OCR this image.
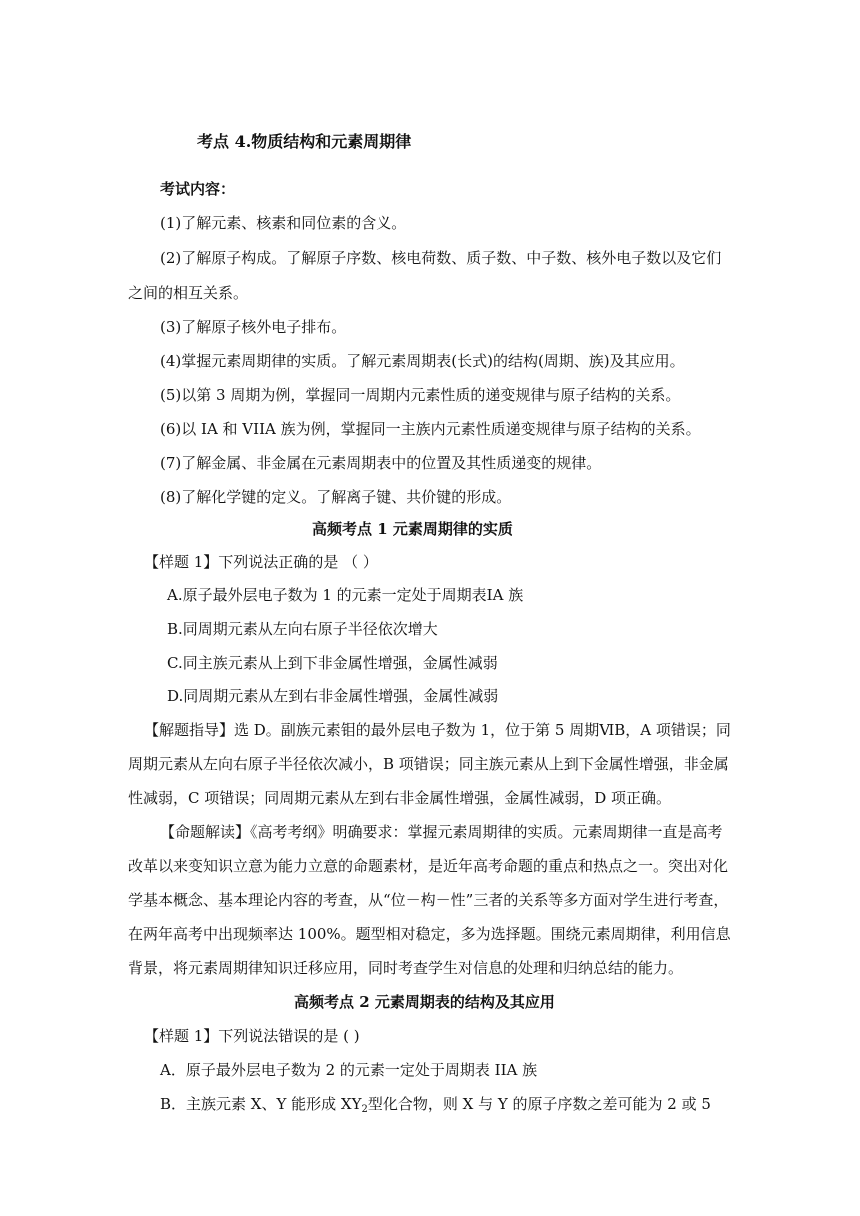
考点 4.物质结构和元素周期律
考试内容：
(1)了解元素、核素和同位素的含义。
(2)了解原子构成。了解原子序数、核电荷数、质子数、中子数、核外电子数以及它们
之间的相互关系。
(3)了解原子核外电子排布。
(4)掌握元素周期律的实质。了解元素周期表(长式)的结构(周期、族)及其应用。
(5)以第 3 周期为例，掌握同一周期内元素性质的递变规律与原子结构的关系。
(6)以 IA 和 VIIA 族为例，掌握同一主族内元素性质递变规律与原子结构的关系。
(7)了解金属、非金属在元素周期表中的位置及其性质递变的规律。
(8)了解化学键的定义。了解离子键、共价键的形成。
高频考点 1 元素周期律的实质
【样题 1】下列说法正确的是 （ ）
A.原子最外层电子数为 1 的元素一定处于周期表ⅠA 族
B.同周期元素从左向右原子半径依次增大
C.同主族元素从上到下非金属性增强，金属性减弱
D.同周期元素从左到右非金属性增强，金属性减弱
【解题指导】选 D。副族元素钼的最外层电子数为 1，位于第 5 周期ⅥB，A 项错误；同
周期元素从左向右原子半径依次减小，B 项错误；同主族元素从上到下金属性增强，非金属
性减弱，C 项错误；同周期元素从左到右非金属性增强，金属性减弱，D 项正确。
【命题解读】《高考考纲》明确要求：掌握元素周期律的实质。元素周期律一直是高考
改革以来变知识立意为能力立意的命题素材，是近年高考命题的重点和热点之一。突出对化
学基本概念、基本理论内容的考查，从“位－构－性”三者的关系等多方面对学生进行考查，
在两年高考中出现频率达 100%。题型相对稳定，多为选择题。围绕元素周期律，利用信息
背景，将元素周期律知识迁移应用，同时考查学生对信息的处理和归纳总结的能力。
高频考点 2 元素周期表的结构及其应用
【样题 1】下列说法错误的是 ( )
A．原子最外层电子数为 2 的元素一定处于周期表 IIA 族
B．主族元素 X、Y 能形成 $XY_2$型化合物，则 X 与 Y 的原子序数之差可能为 2 或 5
